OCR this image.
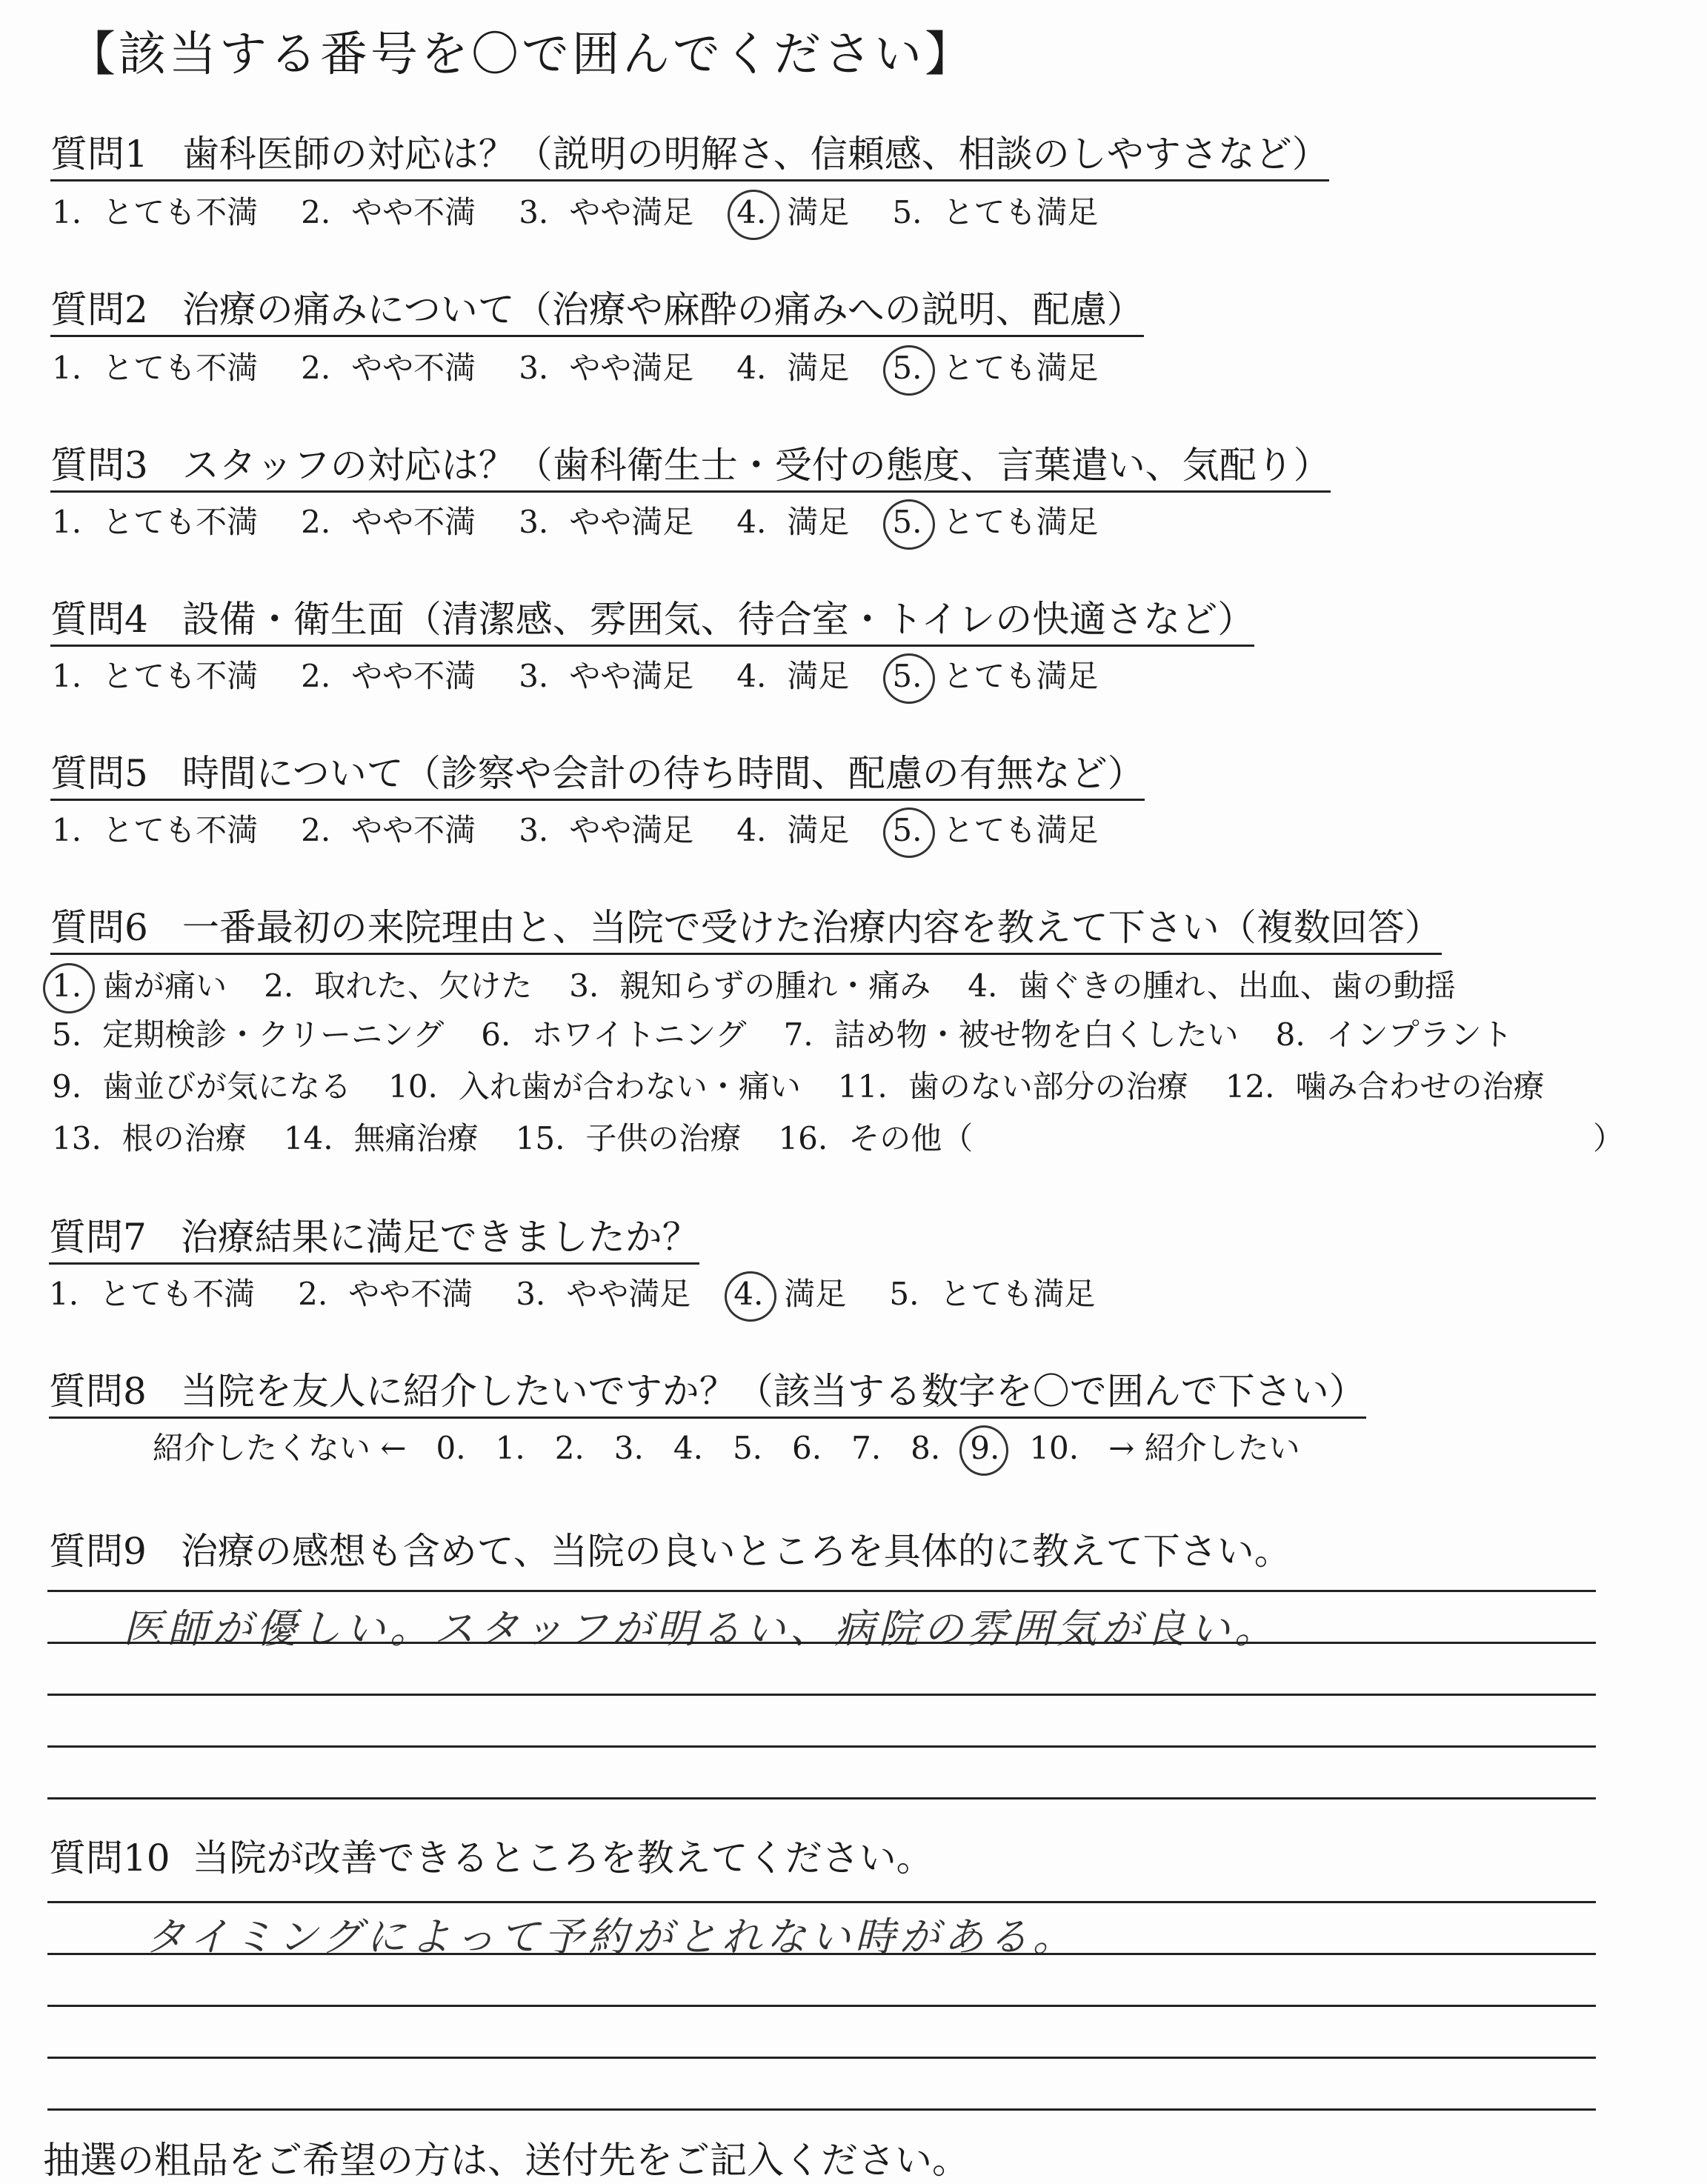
【該当する番号を〇で囲んでください】
質問1 歯科医師の対応は？（説明の明解さ、信頼感、相談のしやすさなど）
1. とても不満 2. やや不満 3. やや満足 4. 満足 5. とても満足
質問2 治療の痛みについて（治療や麻酔の痛みへの説明、配慮）
1. とても不満 2. やや不満 3. やや満足 4. 満足 5. とても満足
質問3 スタッフの対応は？（歯科衛生士・受付の態度、言葉遣い、気配り）
1. とても不満 2. やや不満 3. やや満足 4. 満足 5. とても満足
質問4 設備・衛生面（清潔感、雰囲気、待合室・トイレの快適さなど）
1. とても不満 2. やや不満 3. やや満足 4. 満足 5. とても満足
質問5 時間について（診察や会計の待ち時間、配慮の有無など）
1. とても不満 2. やや不満 3. やや満足 4. 満足 5. とても満足
質問6 一番最初の来院理由と、当院で受けた治療内容を教えて下さい（複数回答）
1. 歯が痛い 2. 取れた、欠けた 3. 親知らずの腫れ・痛み 4. 歯ぐきの腫れ、出血、歯の動揺
5. 定期検診・クリーニング 6. ホワイトニング 7. 詰め物・被せ物を白くしたい 8. インプラント
9. 歯並びが気になる 10. 入れ歯が合わない・痛い 11. 歯のない部分の治療 12. 噛み合わせの治療
13. 根の治療 14. 無痛治療 15. 子供の治療 16. その他（	）
質問7 治療結果に満足できましたか？
1. とても不満 2. やや不満 3. やや満足 4. 満足 5. とても満足
質問8 当院を友人に紹介したいですか？（該当する数字を〇で囲んで下さい）
紹介したくない ← 0. 1. 2. 3. 4. 5. 6. 7. 8. 9. 10. → 紹介したい
質問9 治療の感想も含めて、当院の良いところを具体的に教えて下さい。
医師が優しい。スタッフが明るい、病院の雰囲気が良い。
質問10 当院が改善できるところを教えてください。
タイミングによって予約がとれない時がある。
抽選の粗品をご希望の方は、送付先をご記入ください。
